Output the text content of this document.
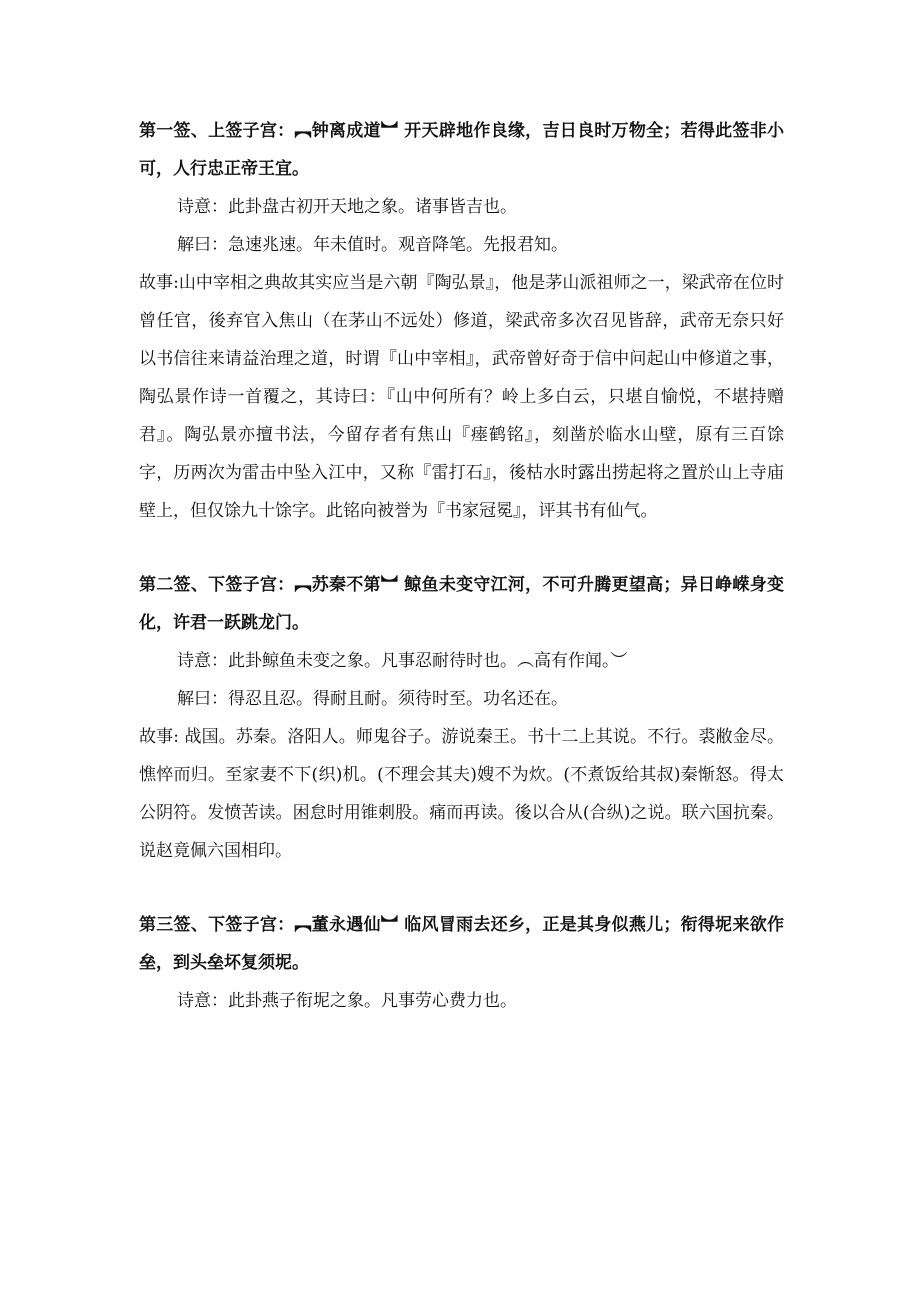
第一签、上签子宫：︻钟离成道︼ 开天辟地作良缘，吉日良时万物全；若得此签非小可，人行忠正帝王宜。

诗意：此卦盘古初开天地之象。诸事皆吉也。

解曰：急速兆速。年未值时。观音降笔。先报君知。

故事:山中宰相之典故其实应当是六朝『陶弘景』，他是茅山派祖师之一，梁武帝在位时曾任官，後弃官入焦山（在茅山不远处）修道，梁武帝多次召见皆辞，武帝无奈只好以书信往来请益治理之道，时谓『山中宰相』，武帝曾好奇于信中问起山中修道之事，陶弘景作诗一首覆之，其诗曰：『山中何所有？岭上多白云，只堪自愉悦，不堪持赠君』。陶弘景亦擅书法，今留存者有焦山『瘗鹤铭』，刻凿於临水山壁，原有三百馀字，历两次为雷击中坠入江中，又称『雷打石』，後枯水时露出捞起将之置於山上寺庙壁上，但仅馀九十馀字。此铭向被誉为『书家冠冕』，评其书有仙气。

第二签、下签子宫：︻苏秦不第︼ 鲸鱼未变守江河，不可升腾更望高；异日峥嵘身变化，许君一跃跳龙门。

诗意：此卦鲸鱼未变之象。凡事忍耐待时也。︵高有作闻。︶

解曰：得忍且忍。得耐且耐。须待时至。功名还在。

故事: 战国。苏秦。洛阳人。师鬼谷子。游说秦王。书十二上其说。不行。裘敝金尽。憔悴而归。至家妻不下(织)机。(不理会其夫)嫂不为炊。(不煮饭给其叔)秦惭怒。得太公阴符。发愤苦读。困怠时用锥刺股。痛而再读。後以合从(合纵)之说。联六国抗秦。说赵竟佩六国相印。

第三签、下签子宫：︻董永遇仙︼ 临风冒雨去还乡，正是其身似燕儿；衔得坭来欲作垒，到头垒坏复须坭。

诗意：此卦燕子衔坭之象。凡事劳心费力也。
